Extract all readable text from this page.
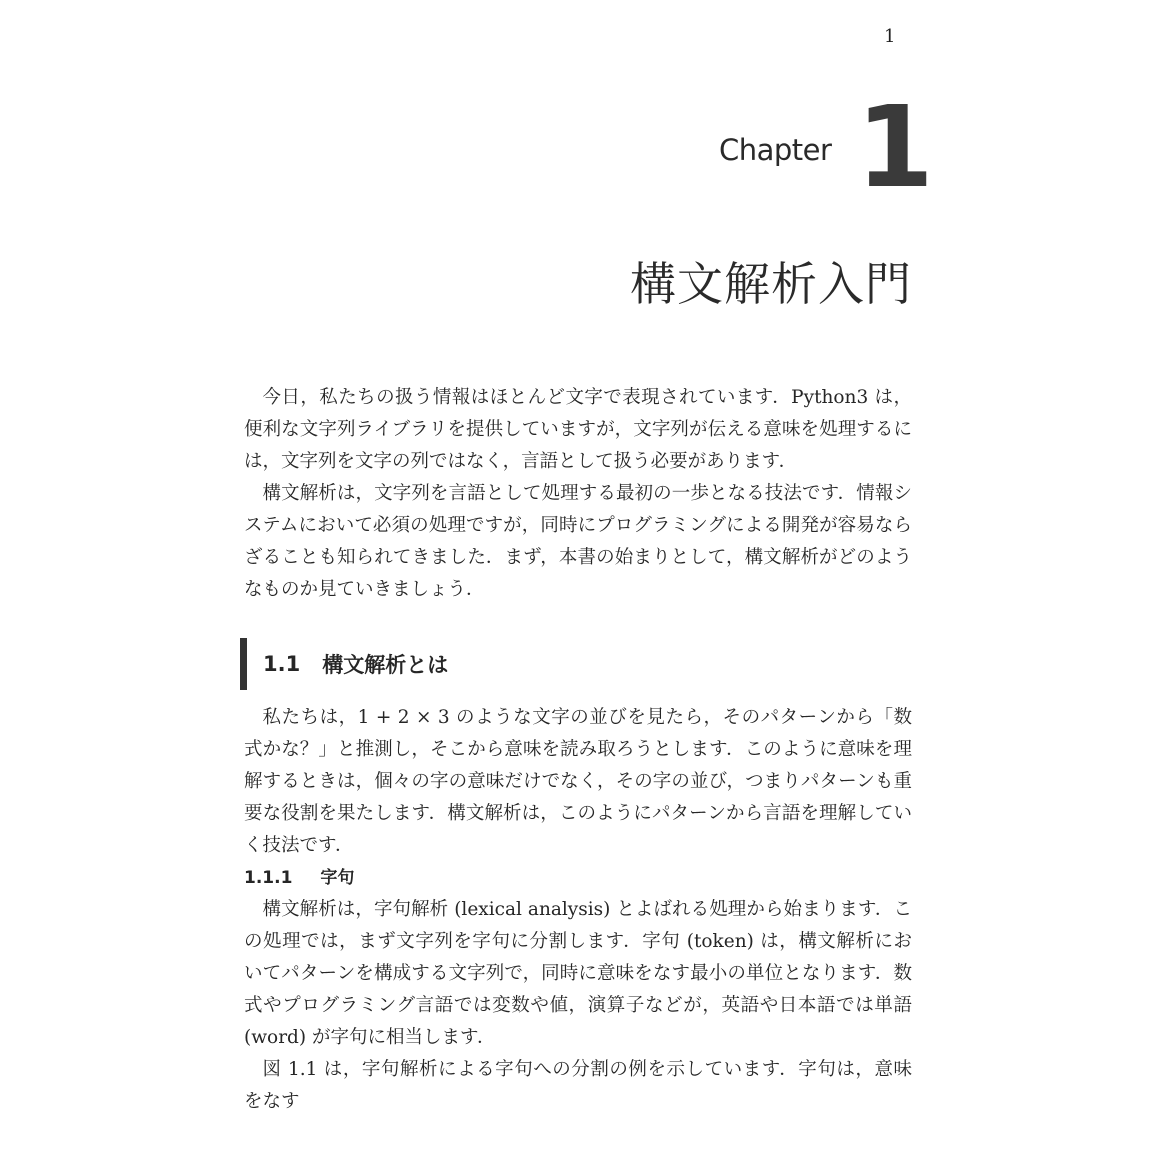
1
Chapter 1
構文解析入門

今日，私たちの扱う情報はほとんど文字で表現されています．Python3 は，便利な文字列ライブラリを提供していますが，文字列が伝える意味を処理するには，文字列を文字の列ではなく，言語として扱う必要があります．

構文解析は，文字列を言語として処理する最初の一歩となる技法です．情報システムにおいて必須の処理ですが，同時にプログラミングによる開発が容易ならざることも知られてきました．まず，本書の始まりとして，構文解析がどのようなものか見ていきましょう．

1.1 構文解析とは

私たちは，1 + 2 × 3 のような文字の並びを見たら，そのパターンから「数式かな？」と推測し，そこから意味を読み取ろうとします．このように意味を理解するときは，個々の字の意味だけでなく，その字の並び，つまりパターンも重要な役割を果たします．構文解析は，このようにパターンから言語を理解していく技法です．

1.1.1 字句

構文解析は，字句解析 (lexical analysis) とよばれる処理から始まります．この処理では，まず文字列を字句に分割します．字句 (token) は，構文解析においてパターンを構成する文字列で，同時に意味をなす最小の単位となります．数式やプログラミング言語では変数や値，演算子などが，英語や日本語では単語 (word) が字句に相当します．

図 1.1 は，字句解析による字句への分割の例を示しています．字句は，意味をなす
